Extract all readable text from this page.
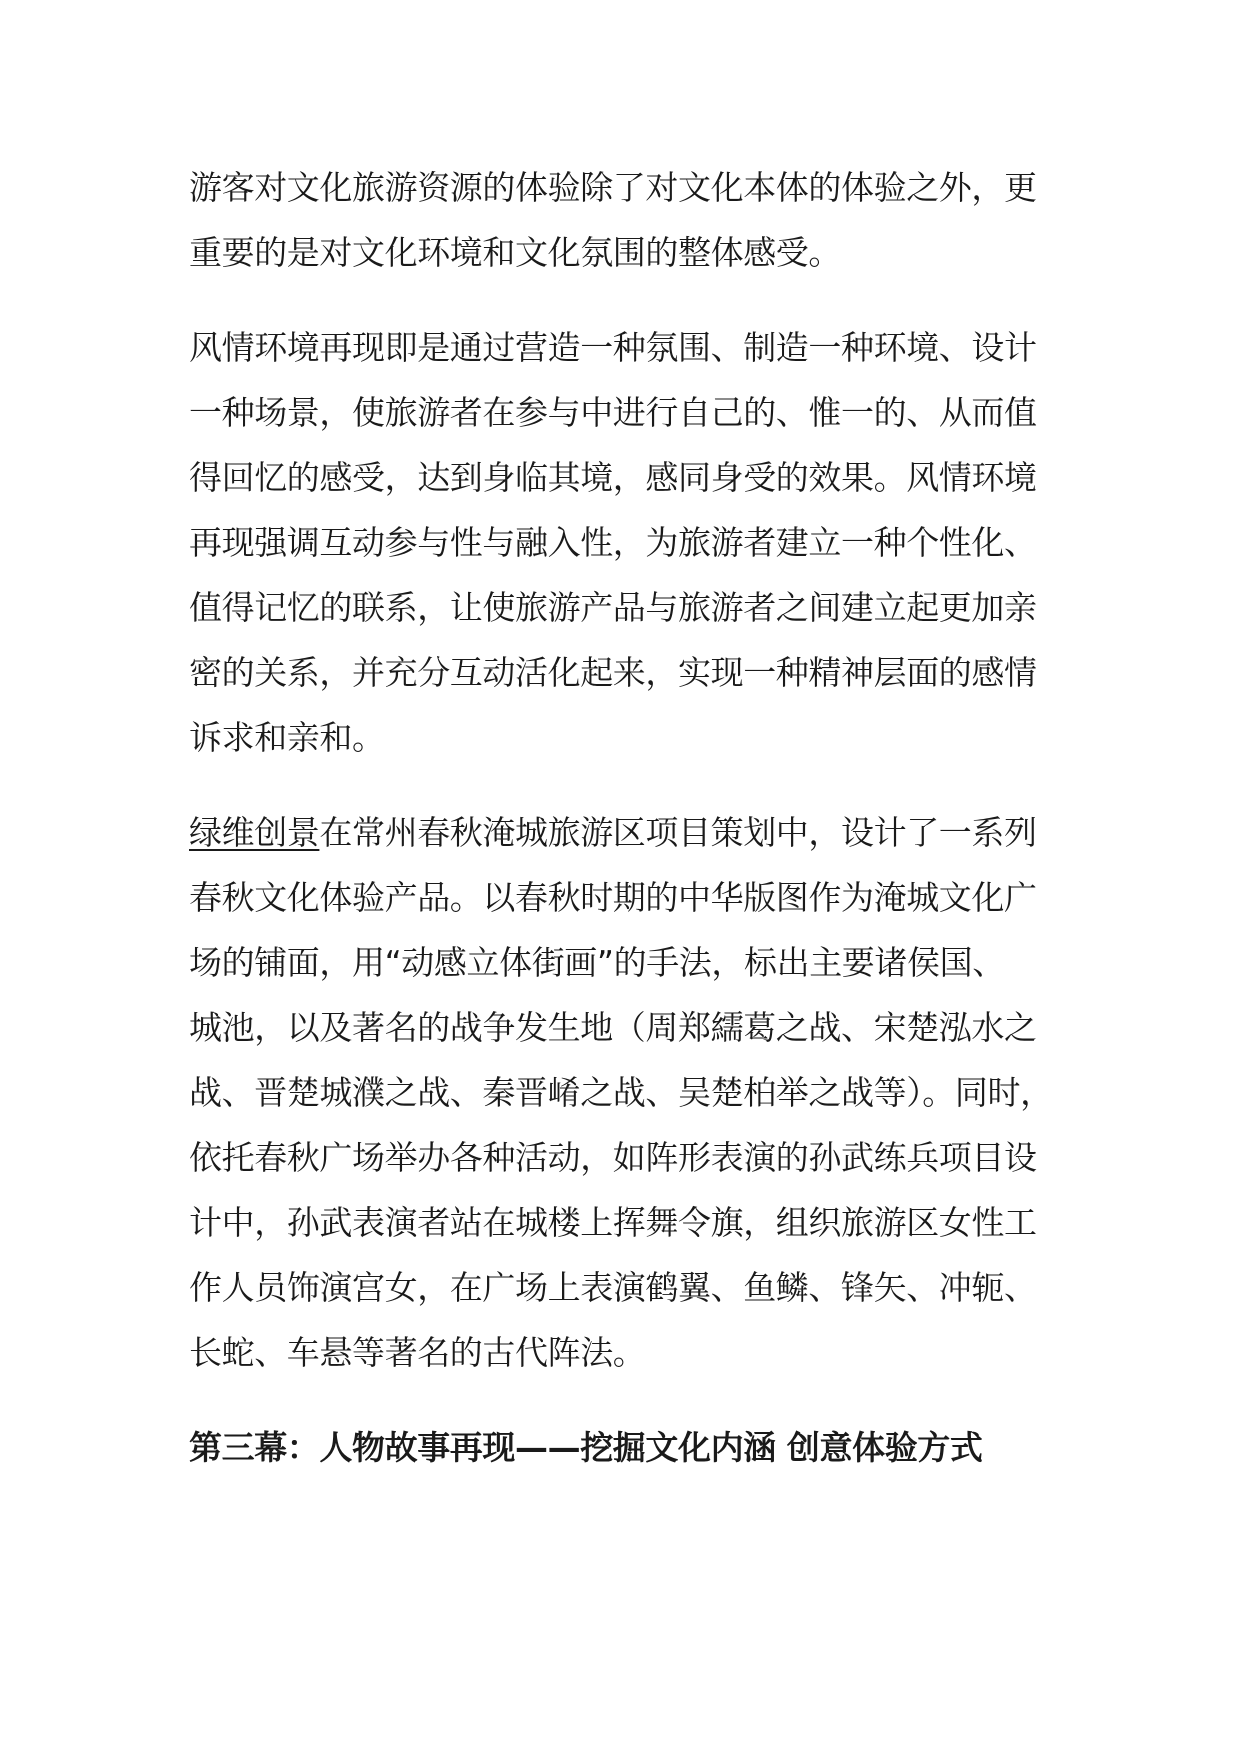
游客对文化旅游资源的体验除了对文化本体的体验之外，更
重要的是对文化环境和文化氛围的整体感受。

风情环境再现即是通过营造一种氛围、制造一种环境、设计
一种场景，使旅游者在参与中进行自己的、惟一的、从而值
得回忆的感受，达到身临其境，感同身受的效果。风情环境
再现强调互动参与性与融入性，为旅游者建立一种个性化、
值得记忆的联系，让使旅游产品与旅游者之间建立起更加亲
密的关系，并充分互动活化起来，实现一种精神层面的感情
诉求和亲和。

绿维创景在常州春秋淹城旅游区项目策划中，设计了一系列
春秋文化体验产品。以春秋时期的中华版图作为淹城文化广
场的铺面，用“动感立体街画”的手法，标出主要诸侯国、
城池，以及著名的战争发生地（周郑繻葛之战、宋楚泓水之
战、晋楚城濮之战、秦晋崤之战、吴楚柏举之战等）。同时，
依托春秋广场举办各种活动，如阵形表演的孙武练兵项目设
计中，孙武表演者站在城楼上挥舞令旗，组织旅游区女性工
作人员饰演宫女，在广场上表演鹤翼、鱼鳞、锋矢、冲轭、
长蛇、车悬等著名的古代阵法。

第三幕：人物故事再现——挖掘文化内涵 创意体验方式
